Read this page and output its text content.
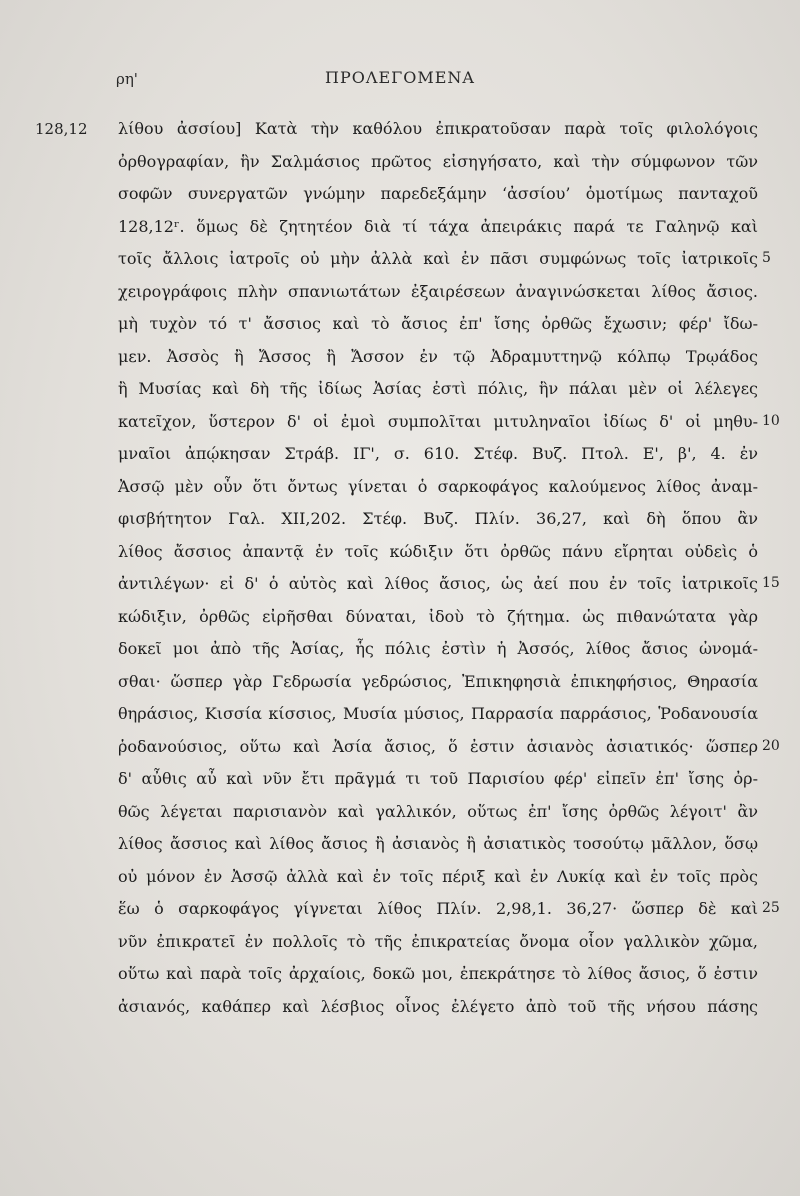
ρη'	ΠΡΟΛΕΓΟΜΕΝΑ
128,12 λίθου ἀσσίου] Κατὰ τὴν καθόλου ἐπικρατοῦσαν παρὰ τοῖς φιλολόγοις
ὀρθογραφίαν, ἣν Σαλμάσιος πρῶτος εἰσηγήσατο, καὶ τὴν σύμφωνον τῶν
σοφῶν συνεργατῶν γνώμην παρεδεξάμην ‘ἀσσίου’ ὁμοτίμως πανταχοῦ
128,12ʳ. ὅμως δὲ ζητητέον διὰ τί τάχα ἀπειράκις παρά τε Γαληνῷ καὶ
τοῖς ἄλλοις ἰατροῖς οὐ μὴν ἀλλὰ καὶ ἐν πᾶσι συμφώνως τοῖς ἰατρικοῖς 5
χειρογράφοις πλὴν σπανιωτάτων ἐξαιρέσεων ἀναγινώσκεται λίθος ἄσιος.
μὴ τυχὸν τό τ' ἄσσιος καὶ τὸ ἄσιος ἐπ' ἴσης ὀρθῶς ἔχωσιν; φέρ' ἴδω-
μεν. Ἀσσὸς ἢ Ἄσσος ἢ Ἄσσον ἐν τῷ Ἀδραμυττηνῷ κόλπῳ Τρῳάδος
ἢ Μυσίας καὶ δὴ τῆς ἰδίως Ἀσίας ἐστὶ πόλις, ἣν πάλαι μὲν οἱ λέλεγες
κατεῖχον, ὕστερον δ' οἱ ἐμοὶ συμπολῖται μιτυληναῖοι ἰδίως δ' οἱ μηθυ- 10
μναῖοι ἀπῴκησαν Στράβ. ΙΓ', σ. 610. Στέφ. Βυζ. Πτολ. Ε', β', 4. ἐν
Ἀσσῷ μὲν οὖν ὅτι ὄντως γίνεται ὁ σαρκοφάγος καλούμενος λίθος ἀναμ-
φισβήτητον Γαλ. XII,202. Στέφ. Βυζ. Πλίν. 36,27, καὶ δὴ ὅπου ἂν
λίθος ἄσσιος ἀπαντᾷ ἐν τοῖς κώδιξιν ὅτι ὀρθῶς πάνυ εἴρηται οὐδεὶς ὁ
ἀντιλέγων· εἰ δ' ὁ αὐτὸς καὶ λίθος ἄσιος, ὡς ἀεί που ἐν τοῖς ἰατρικοῖς 15
κώδιξιν, ὀρθῶς εἰρῆσθαι δύναται, ἰδοὺ τὸ ζήτημα. ὡς πιθανώτατα γὰρ
δοκεῖ μοι ἀπὸ τῆς Ἀσίας, ἧς πόλις ἐστὶν ἡ Ἀσσός, λίθος ἄσιος ὠνομά-
σθαι· ὥσπερ γὰρ Γεδρωσία γεδρώσιος, Ἐπικηφησιὰ ἐπικηφήσιος, Θηρασία
θηράσιος, Κισσία κίσσιος, Μυσία μύσιος, Παρρασία παρράσιος, Ῥοδανουσία
ῥοδανούσιος, οὕτω καὶ Ἀσία ἄσιος, ὅ ἐστιν ἀσιανὸς ἀσιατικός· ὥσπερ 20
δ' αὖθις αὖ καὶ νῦν ἔτι πρᾶγμά τι τοῦ Παρισίου φέρ' εἰπεῖν ἐπ' ἴσης ὀρ-
θῶς λέγεται παρισιανὸν καὶ γαλλικόν, οὕτως ἐπ' ἴσης ὀρθῶς λέγοιτ' ἂν
λίθος ἄσσιος καὶ λίθος ἄσιος ἢ ἀσιανὸς ἢ ἀσιατικὸς τοσούτῳ μᾶλλον, ὅσῳ
οὐ μόνον ἐν Ἀσσῷ ἀλλὰ καὶ ἐν τοῖς πέριξ καὶ ἐν Λυκίᾳ καὶ ἐν τοῖς πρὸς
ἕω ὁ σαρκοφάγος γίγνεται λίθος Πλίν. 2,98,1. 36,27· ὥσπερ δὲ καὶ 25
νῦν ἐπικρατεῖ ἐν πολλοῖς τὸ τῆς ἐπικρατείας ὄνομα οἷον γαλλικὸν χῶμα,
οὕτω καὶ παρὰ τοῖς ἀρχαίοις, δοκῶ μοι, ἐπεκράτησε τὸ λίθος ἄσιος, ὅ ἐστιν
ἀσιανός, καθάπερ καὶ λέσβιος οἶνος ἐλέγετο ἀπὸ τοῦ τῆς νήσου πάσης
